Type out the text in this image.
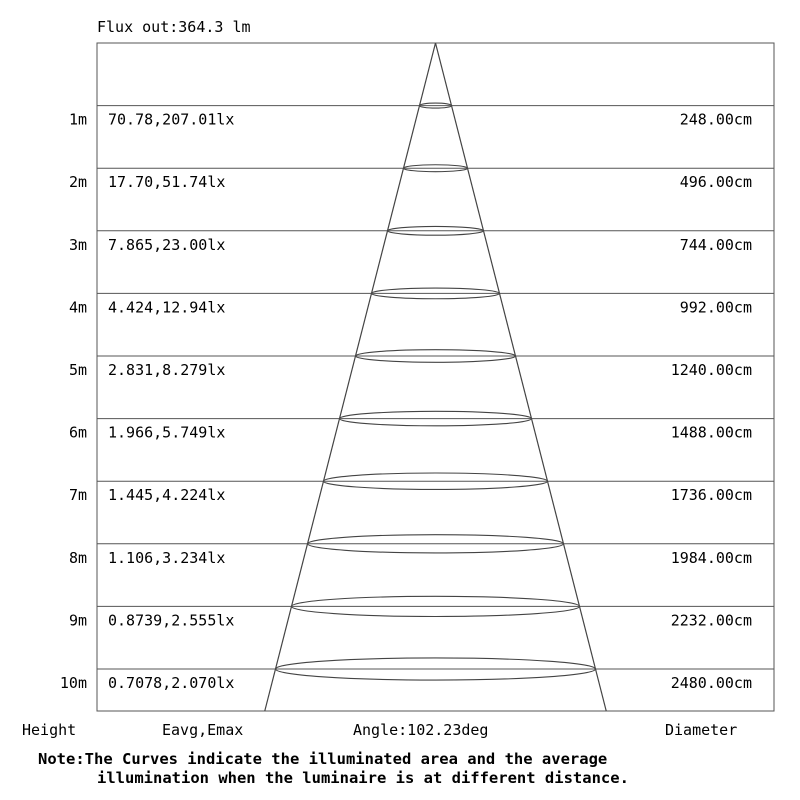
Flux out:364.3 lm
1m 70.78,207.01lx	248.00cm
2m 17.70,51.74lx	496.00cm
3m 7.865,23.00lx	744.00cm
4m 4.424,12.94lx	992.00cm
5m 2.831,8.279lx	1240.00cm
6m 1.966,5.749lx	1488.00cm
7m 1.445,4.224lx	1736.00cm
8m 1.106,3.234lx	1984.00cm
9m 0.8739,2.555lx	2232.00cm
10m 0.7078,2.070lx	2480.00cm
Height	Eavg,Emax	Angle:102.23deg	Diameter
Note:The Curves indicate the illuminated area and the average
illumination when the luminaire is at different distance.
